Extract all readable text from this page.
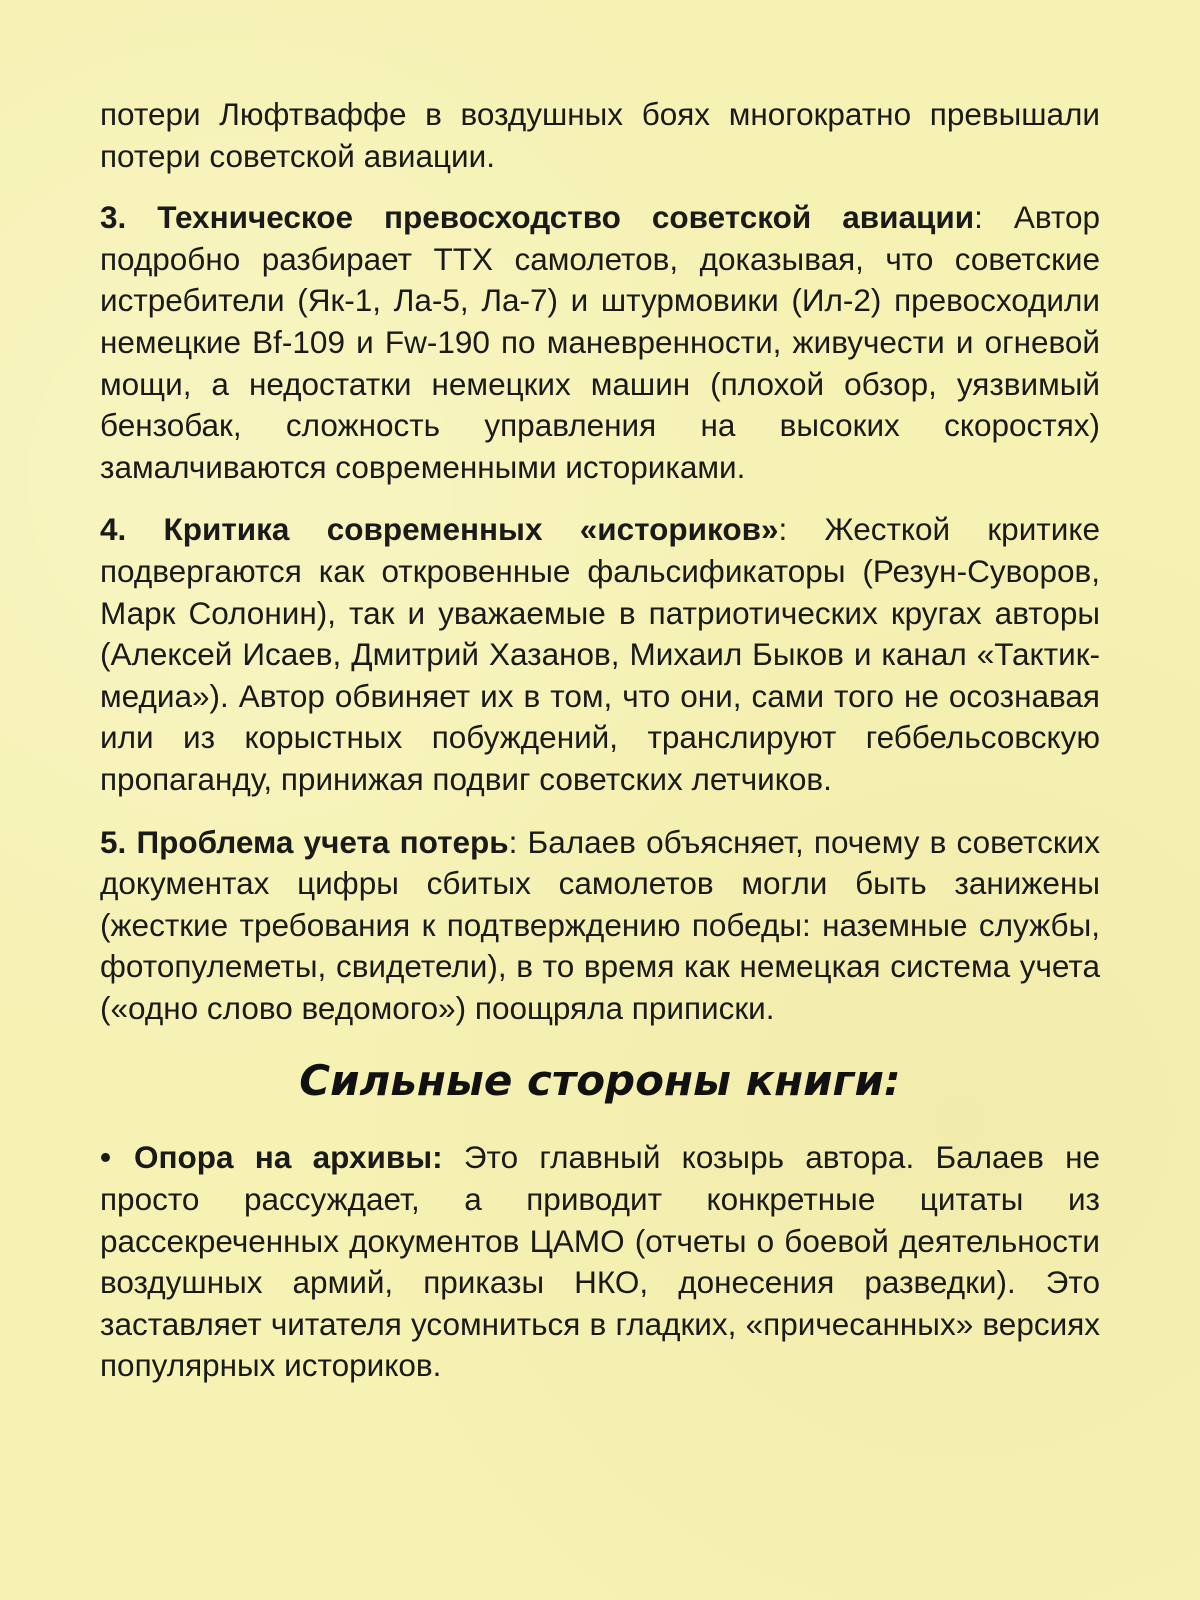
потери Люфтваффе в воздушных боях многократно превышали потери советской авиации.

3. Техническое превосходство советской авиации: Автор подробно разбирает ТТХ самолетов, доказывая, что советские истребители (Як-1, Ла-5, Ла-7) и штурмовики (Ил-2) превосходили немецкие Bf-109 и Fw-190 по маневренности, живучести и огневой мощи, а недостатки немецких машин (плохой обзор, уязвимый бензобак, сложность управления на высоких скоростях) замалчиваются современными историками.

4. Критика современных «историков»: Жесткой критике подвергаются как откровенные фальсификаторы (Резун-Суворов, Марк Солонин), так и уважаемые в патриотических кругах авторы (Алексей Исаев, Дмитрий Хазанов, Михаил Быков и канал «Тактик-медиа»). Автор обвиняет их в том, что они, сами того не осознавая или из корыстных побуждений, транслируют геббельсовскую пропаганду, принижая подвиг советских летчиков.

5. Проблема учета потерь: Балаев объясняет, почему в советских документах цифры сбитых самолетов могли быть занижены (жесткие требования к подтверждению победы: наземные службы, фотопулеметы, свидетели), в то время как немецкая система учета («одно слово ведомого») поощряла приписки.

Сильные стороны книги:

• Опора на архивы: Это главный козырь автора. Балаев не просто рассуждает, а приводит конкретные цитаты из рассекреченных документов ЦАМО (отчеты о боевой деятельности воздушных армий, приказы НКО, донесения разведки). Это заставляет читателя усомниться в гладких, «причесанных» версиях популярных историков.
